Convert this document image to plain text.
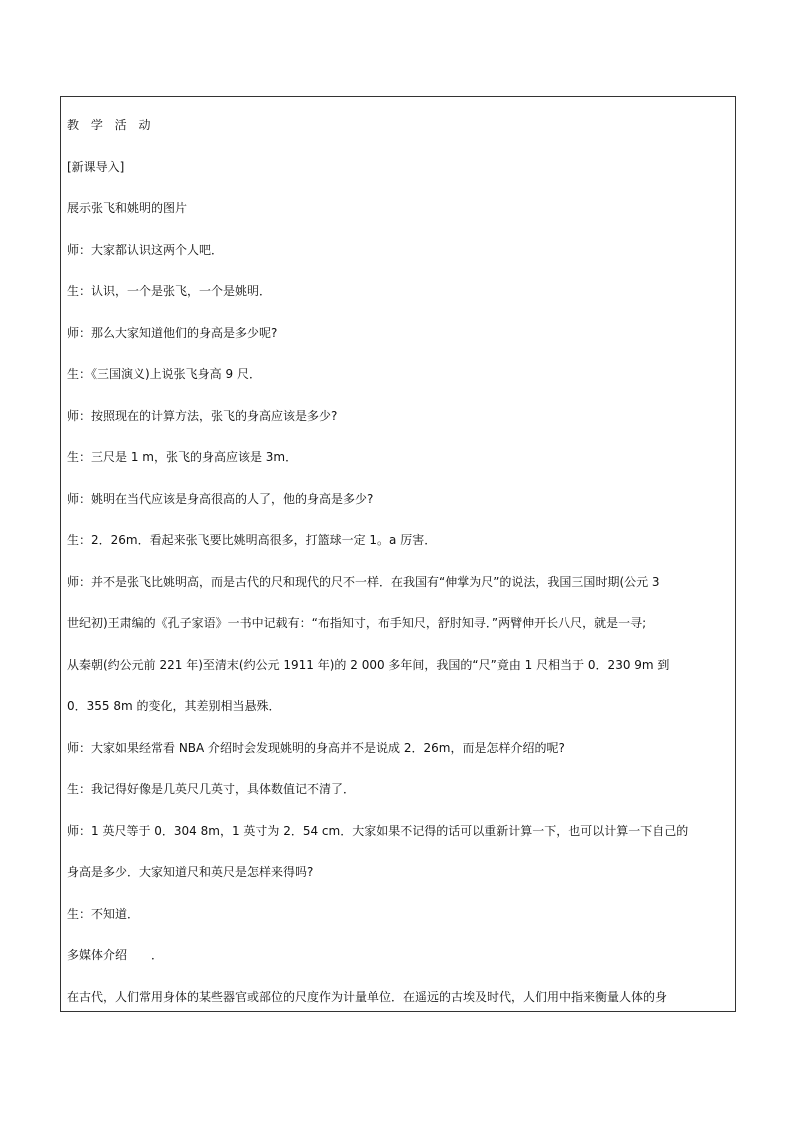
教 学 活 动
[新课导入]
展示张飞和姚明的图片
师：大家都认识这两个人吧．
生：认识，一个是张飞，一个是姚明．
师：那么大家知道他们的身高是多少呢?
生：《三国演义)上说张飞身高 9 尺．
师：按照现在的计算方法，张飞的身高应该是多少?
生：三尺是 1 m，张飞的身高应该是 3m．
师：姚明在当代应该是身高很高的人了，他的身高是多少?
生：2．26m．看起来张飞要比姚明高很多，打篮球一定 1。a 厉害．
师：并不是张飞比姚明高，而是古代的尺和现代的尺不一样．在我国有“伸掌为尺”的说法，我国三国时期(公元 3
世纪初)王肃编的《孔子家语》一书中记载有：“布指知寸，布手知尺，舒肘知寻．”两臂伸开长八尺，就是一寻;
从秦朝(约公元前 221 年)至清末(约公元 1911 年)的 2 000 多年间，我国的“尺”竟由 1 尺相当于 0．230 9m 到
0．355 8m 的变化，其差别相当悬殊．
师：大家如果经常看 NBA 介绍时会发现姚明的身高并不是说成 2．26m，而是怎样介绍的呢?
生：我记得好像是几英尺几英寸，具体数值记不清了．
师：1 英尺等于 0．304 8m，1 英寸为 2．54 cm．大家如果不记得的话可以重新计算一下，也可以计算一下自己的
身高是多少．大家知道尺和英尺是怎样来得吗?
生：不知道．
多媒体介绍　　．
在古代，人们常用身体的某些器官或部位的尺度作为计量单位．在遥远的古埃及时代，人们用中指来衡量人体的身
